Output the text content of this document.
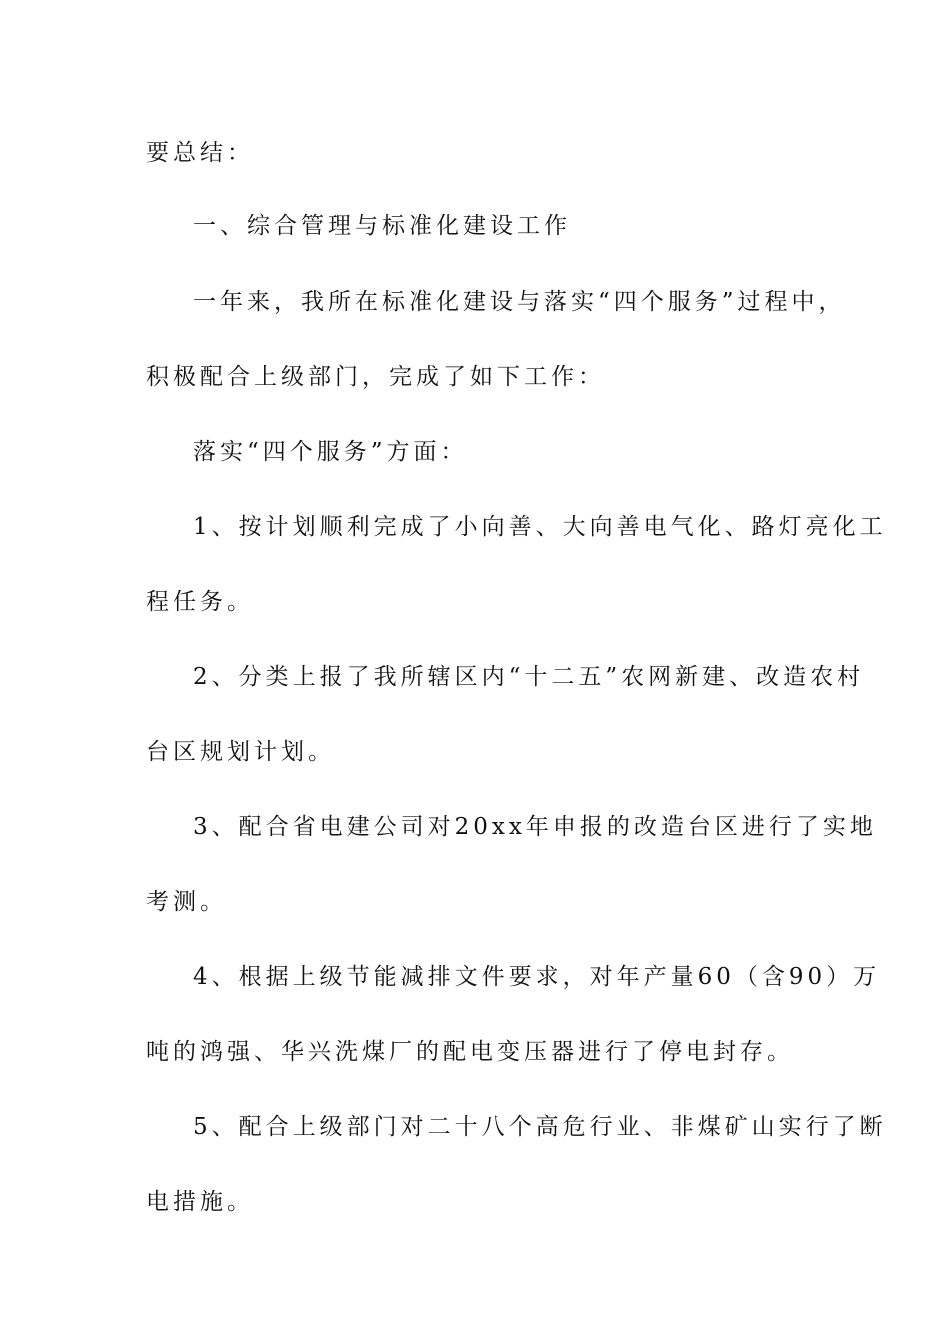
要总结：
一、综合管理与标准化建设工作
一年来，我所在标准化建设与落实“四个服务”过程中，
积极配合上级部门，完成了如下工作：
落实“四个服务”方面：
1、按计划顺利完成了小向善、大向善电气化、路灯亮化工
程任务。
2、分类上报了我所辖区内“十二五”农网新建、改造农村
台区规划计划。
3、配合省电建公司对20xx年申报的改造台区进行了实地
考测。
4、根据上级节能减排文件要求，对年产量60（含90）万
吨的鸿强、华兴洗煤厂的配电变压器进行了停电封存。
5、配合上级部门对二十八个高危行业、非煤矿山实行了断
电措施。
